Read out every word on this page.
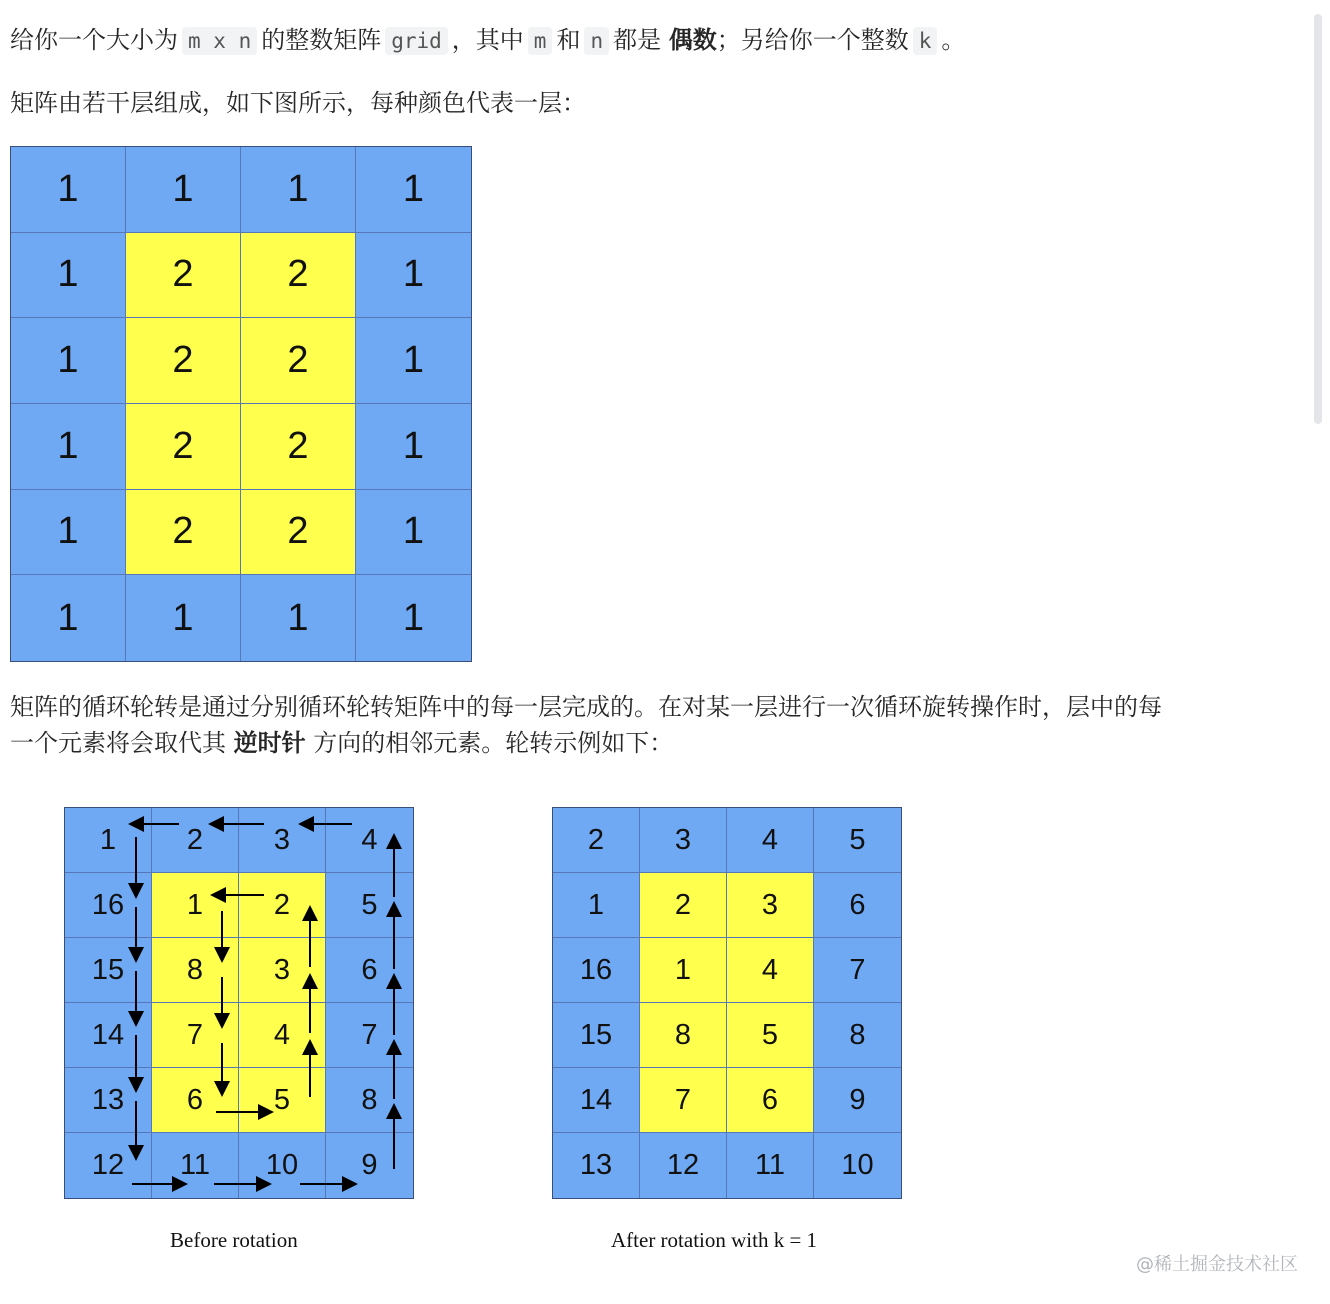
给你一个大小为 m x n 的整数矩阵 grid ，其中 m 和 n 都是 偶数；另给你一个整数 k 。
矩阵由若干层组成，如下图所示，每种颜色代表一层：
1	1	1	1
1	2	2	1
1	2	2	1
1	2	2	1
1	2	2	1
1	1	1	1
矩阵的循环轮转是通过分别循环轮转矩阵中的每一层完成的。在对某一层进行一次循环旋转操作时，层中的每
一个元素将会取代其 逆时针 方向的相邻元素。轮转示例如下：
1	2	3	4
16	1	2	5
15	8	3	6
14	7	4	7
13	6	5	8
12	11	10	9
2	3	4	5
1	2	3	6
16	1	4	7
15	8	5	8
14	7	6	9
13	12	11	10
Before rotation	After rotation with k = 1
@稀土掘金技术社区
